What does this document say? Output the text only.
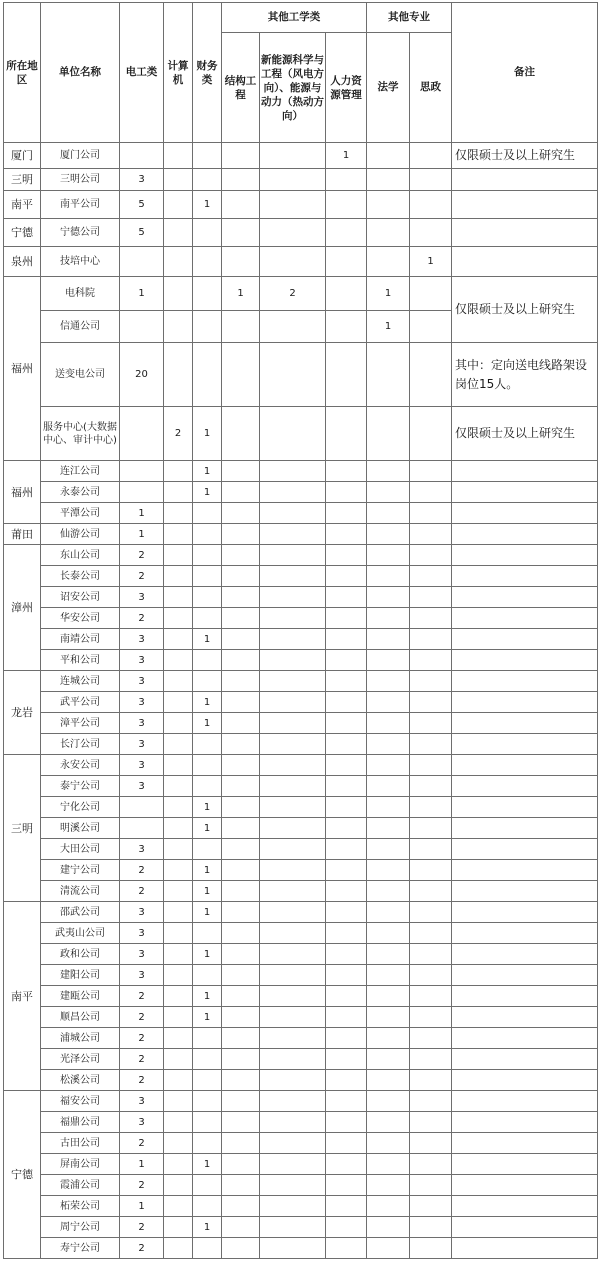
所在地区	单位名称	电工类	计算机	财务类	其他工学类			其他专业		备注
					结构工程	新能源科学与工程（风电方向）、能源与动力（热动方向）	人力资源管理	法学	思政	
厦门	厦门公司						1			仅限硕士及以上研究生
三明	三明公司	3								
南平	南平公司	5		1						
宁德	宁德公司	5								
泉州	技培中心								1	
福州	电科院	1			1	2		1		仅限硕士及以上研究生
	信通公司							1		
	送变电公司	20								其中：定向送电线路架设岗位15人。
	服务中心(大数据中心、审计中心)		2	1						仅限硕士及以上研究生
福州	连江公司			1						
	永泰公司			1						
	平潭公司	1								
莆田	仙游公司	1								
漳州	东山公司	2								
	长泰公司	2								
	诏安公司	3								
	华安公司	2								
	南靖公司	3		1						
	平和公司	3								
龙岩	连城公司	3								
	武平公司	3		1						
	漳平公司	3		1						
	长汀公司	3								
三明	永安公司	3								
	泰宁公司	3								
	宁化公司			1						
	明溪公司			1						
	大田公司	3								
	建宁公司	2		1						
	清流公司	2		1						
南平	邵武公司	3		1						
	武夷山公司	3								
	政和公司	3		1						
	建阳公司	3								
	建瓯公司	2		1						
	顺昌公司	2		1						
	浦城公司	2								
	光泽公司	2								
	松溪公司	2								
宁德	福安公司	3								
	福鼎公司	3								
	古田公司	2								
	屏南公司	1		1						
	霞浦公司	2								
	柘荣公司	1								
	周宁公司	2		1						
	寿宁公司	2								
